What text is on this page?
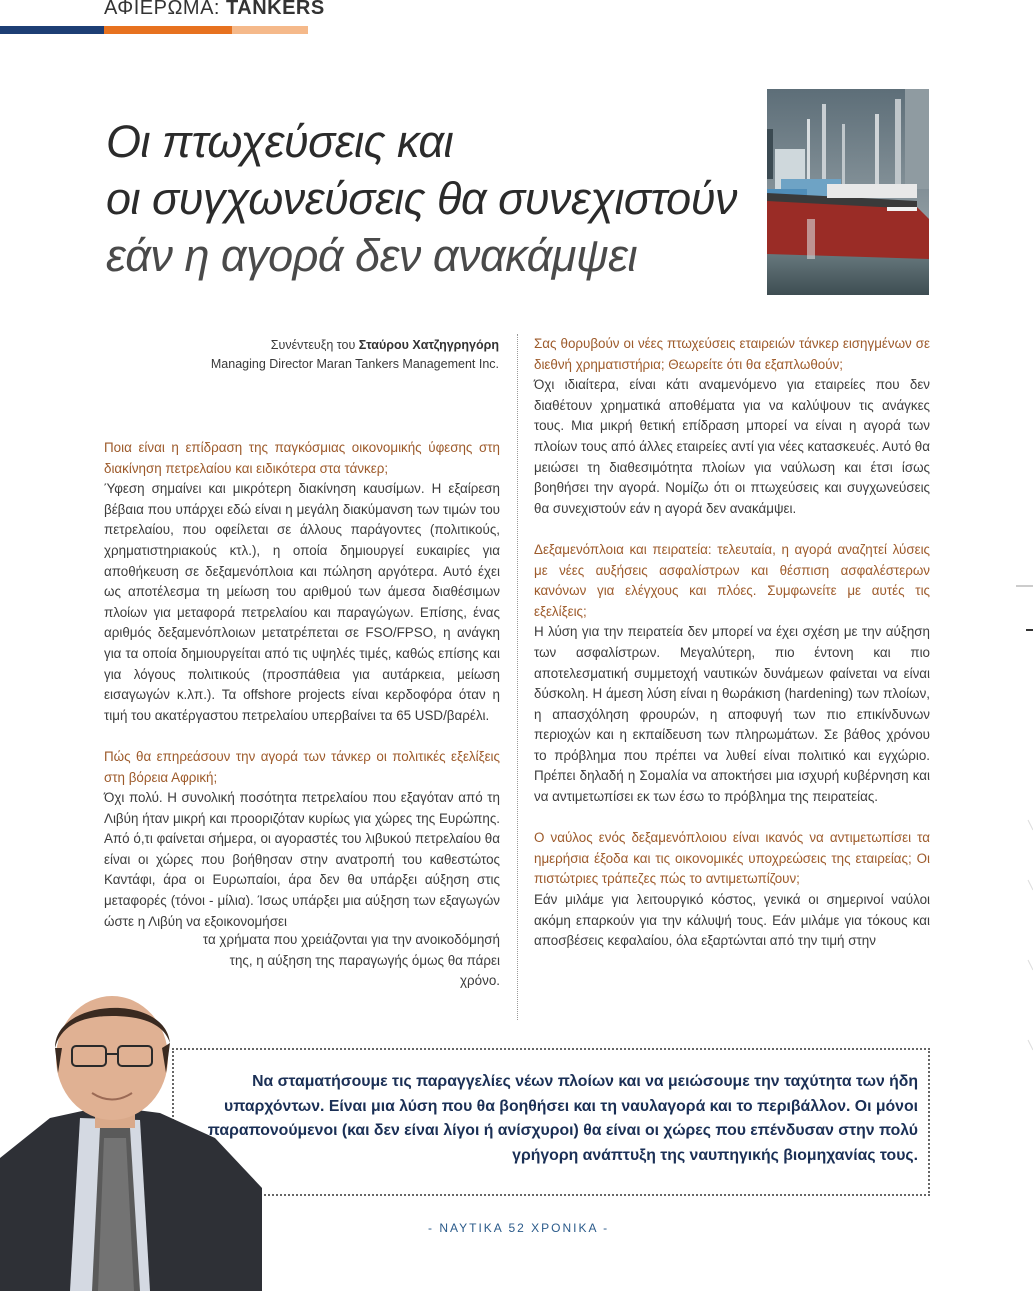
ΑΦΙΕΡΩΜΑ: TANKERS
Οι πτωχεύσεις και
οι συγχωνεύσεις θα συνεχιστούν
εάν η αγορά δεν ανακάμψει
Συνέντευξη του Σταύρου Χατζηγρηγόρη
Managing Director Maran Tankers Management Inc.
Ποια είναι η επίδραση της παγκόσμιας οικονομικής ύφεσης στη διακίνηση πετρελαίου και ειδικότερα στα τάνκερ;
Ύφεση σημαίνει και μικρότερη διακίνηση καυσίμων. Η εξαίρεση βέβαια που υπάρχει εδώ είναι η μεγάλη διακύμανση των τιμών του πετρελαίου, που οφείλεται σε άλλους παράγοντες (πολιτικούς, χρηματιστηριακούς κτλ.), η οποία δημιουργεί ευκαιρίες για αποθήκευση σε δεξαμενόπλοια και πώληση αργότερα. Αυτό έχει ως αποτέλεσμα τη μείωση του αριθμού των άμεσα διαθέσιμων πλοίων για μεταφορά πετρελαίου και παραγώγων. Επίσης, ένας αριθμός δεξαμενόπλοιων μετατρέπεται σε FSO/FPSO, η ανάγκη για τα οποία δημιουργείται από τις υψηλές τιμές, καθώς επίσης και για λόγους πολιτικούς (προσπάθεια για αυτάρκεια, μείωση εισαγωγών κ.λπ.). Τα offshore projects είναι κερδοφόρα όταν η τιμή του ακατέργαστου πετρελαίου υπερβαίνει τα 65 USD/βαρέλι.
Πώς θα επηρεάσουν την αγορά των τάνκερ οι πολιτικές εξελίξεις στη βόρεια Αφρική;
Όχι πολύ. Η συνολική ποσότητα πετρελαίου που εξαγόταν από τη Λιβύη ήταν μικρή και προοριζόταν κυρίως για χώρες της Ευρώπης. Από ό,τι φαίνεται σήμερα, οι αγοραστές του λιβυκού πετρελαίου θα είναι οι χώρες που βοήθησαν στην ανατροπή του καθεστώτος Καντάφι, άρα οι Ευρωπαίοι, άρα δεν θα υπάρξει αύξηση στις μεταφορές (τόνοι - μίλια). Ίσως υπάρξει μια αύξηση των εξαγωγών ώστε η Λιβύη να εξοικονομήσει
τα χρήματα που χρειάζονται για την ανοικοδόμησή
της, η αύξηση της παραγωγής όμως θα πάρει
χρόνο.
Σας θορυβούν οι νέες πτωχεύσεις εταιρειών τάνκερ εισηγμένων σε διεθνή χρηματιστήρια; Θεωρείτε ότι θα εξαπλωθούν;
Όχι ιδιαίτερα, είναι κάτι αναμενόμενο για εταιρείες που δεν διαθέτουν χρηματικά αποθέματα για να καλύψουν τις ανάγκες τους. Μια μικρή θετική επίδραση μπορεί να είναι η αγορά των πλοίων τους από άλλες εταιρείες αντί για νέες κατασκευές. Αυτό θα μειώσει τη διαθεσιμότητα πλοίων για ναύλωση και έτσι ίσως βοηθήσει την αγορά. Νομίζω ότι οι πτωχεύσεις και συγχωνεύσεις θα συνεχιστούν εάν η αγορά δεν ανακάμψει.
Δεξαμενόπλοια και πειρατεία: τελευταία, η αγορά αναζητεί λύσεις με νέες αυξήσεις ασφαλίστρων και θέσπιση ασφαλέστερων κανόνων για ελέγχους και πλόες. Συμφωνείτε με αυτές τις εξελίξεις;
Η λύση για την πειρατεία δεν μπορεί να έχει σχέση με την αύξηση των ασφαλίστρων. Μεγαλύτερη, πιο έντονη και πιο αποτελεσματική συμμετοχή ναυτικών δυνάμεων φαίνεται να είναι δύσκολη. Η άμεση λύση είναι η θωράκιση (hardening) των πλοίων, η απασχόληση φρουρών, η αποφυγή των πιο επικίνδυνων περιοχών και η εκπαίδευση των πληρωμάτων. Σε βάθος χρόνου το πρόβλημα που πρέπει να λυθεί είναι πολιτικό και εγχώριο. Πρέπει δηλαδή η Σομαλία να αποκτήσει μια ισχυρή κυβέρνηση και να αντιμετωπίσει εκ των έσω το πρόβλημα της πειρατείας.
Ο ναύλος ενός δεξαμενόπλοιου είναι ικανός να αντιμετωπίσει τα ημερήσια έξοδα και τις οικονομικές υποχρεώσεις της εταιρείας; Οι πιστώτριες τράπεζες πώς το αντιμετωπίζουν;
Εάν μιλάμε για λειτουργικό κόστος, γενικά οι σημερινοί ναύλοι ακόμη επαρκούν για την κάλυψή τους. Εάν μιλάμε για τόκους και αποσβέσεις κεφαλαίου, όλα εξαρτώνται από την τιμή στην
Να σταματήσουμε τις παραγγελίες νέων πλοίων και να μειώσουμε την ταχύτητα των ήδη υπαρχόντων. Είναι μια λύση που θα βοηθήσει και τη ναυλαγορά και το περιβάλλον. Οι μόνοι παραπονούμενοι (και δεν είναι λίγοι ή ανίσχυροι) θα είναι οι χώρες που επένδυσαν στην πολύ γρήγορη ανάπτυξη της ναυπηγικής βιομηχανίας τους.
- ΝΑΥΤΙΚΑ 52 ΧΡΟΝΙΚΑ -
